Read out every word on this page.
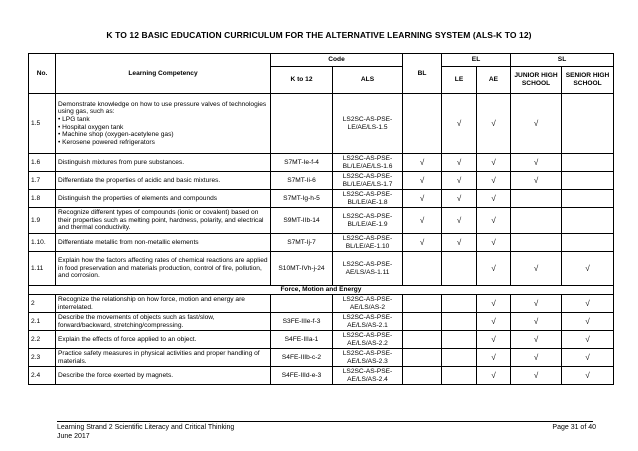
K TO 12 BASIC EDUCATION CURRICULUM FOR THE ALTERNATIVE LEARNING SYSTEM (ALS-K TO 12)
No.	Learning Competency	Code		BL	EL		SL	
		K to 12	ALS		LE	AE	JUNIOR HIGH SCHOOL	SENIOR HIGH SCHOOL
1.5	Demonstrate knowledge on how to use pressure valves of technologies using gas, such as:
• LPG tank
• Hospital oxygen tank
• Machine shop (oxygen-acetylene gas)
• Kerosene powered refrigerators		LS2SC-AS-PSE-LE/AE/LS-1.5		√	√	√	
1.6	Distinguish mixtures from pure substances.	S7MT-Ie-f-4	LS2SC-AS-PSE-BL/LE/AE/LS-1.6	√	√	√	√	
1.7	Differentiate the properties of acidic and basic mixtures.	S7MT-Ii-6	LS2SC-AS-PSE-BL/LE/AE/LS-1.7	√	√	√	√	
1.8	Distinguish the properties of elements and compounds	S7MT-Ig-h-5	LS2SC-AS-PSE-BL/LE/AE-1.8	√	√	√		
1.9	Recognize different types of compounds (ionic or covalent) based on their properties such as melting point, hardness, polarity, and electrical and thermal conductivity.	S9MT-IIb-14	LS2SC-AS-PSE-BL/LE/AE-1.9	√	√	√		
1.10.	Differentiate metallic from non-metallic elements	S7MT-Ij-7	LS2SC-AS-PSE-BL/LE/AE-1.10	√	√	√		
1.11	Explain how the factors affecting rates of chemical reactions are applied in food preservation and materials production, control of fire, pollution, and corrosion.	S10MT-IVh-j-24	LS2SC-AS-PSE-AE/LS/AS-1.11			√	√	√
Force, Motion and Energy								
2	Recognize the relationship on how force, motion and energy are interrelated.		LS2SC-AS-PSE-AE/LS/AS-2			√	√	√
2.1	Describe the movements of objects such as fast/slow, forward/backward, stretching/compressing.	S3FE-IIIe-f-3	LS2SC-AS-PSE-AE/LS/AS-2.1			√	√	√
2.2	Explain the effects of force applied to an object.	S4FE-IIIa-1	LS2SC-AS-PSE-AE/LS/AS-2.2			√	√	√
2.3	Practice safety measures in physical activities and proper handling of materials.	S4FE-IIIb-c-2	LS2SC-AS-PSE-AE/LS/AS-2.3			√	√	√
2.4	Describe the force exerted by magnets.	S4FE-IIId-e-3	LS2SC-AS-PSE-AE/LS/AS-2.4			√	√	√
Learning Strand 2 Scientific Literacy and Critical Thinking
June 2017
Page 31 of 40
